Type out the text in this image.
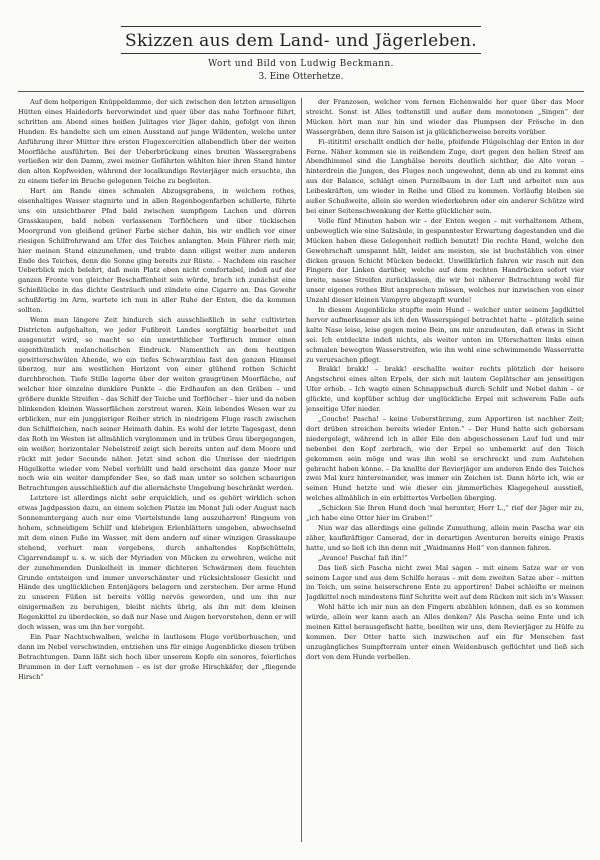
Skizzen aus dem Land- und Jägerleben.
Wort und Bild von Ludwig Beckmann.
3. Eine Otterhetze.

Auf dem holperigen Knüppeldamme, der sich zwischen den letzten armseligen Hütten eines Haidedorfs hervorwindet und quer über das nahe Torfmoor führt, schritten am Abend eines heißen Julitages vier Jäger dahin, gefolgt von ihren Hunden. Es handelte sich um einen Ausstand auf junge Wildenten, welche unter Anführung ihrer Mütter ihre ersten Flugexcercitien allabendlich über der weiten Moorfläche ausführten. Bei der Ueberbrückung eines breiten Wassergrabens verließen wir den Damm, zwei meiner Gefährten wählten hier ihren Stand hinter den alten Kopfweiden, während der localkundige Revierjäger mich ersuchte, ihn zu einem tiefer im Bruche gelegenen Teiche zu begleiten.

Hart am Rande eines schmalen Abzugsgrabens, in welchem rothes, eisenhaltiges Wasser stagnirte und in allen Regenbogenfarben schillerte, führte uns ein unsichtbarer Pfad bald zwischen sumpfigem Lachen und dürren Grasskaupen, bald neben verlassenen Torflöchern und über tückischen Moorgrund von gleißend grüner Farbe sicher dahin, bis wir endlich vor einer riesigen Schilfrohrwand am Ufer des Teiches anlangten. Mein Führer rieth mir, hier meinen Stand einzunehmen, und trabte dann eiligst weiter zum anderen Ende des Teiches, denn die Sonne ging bereits zur Rüste. – Nachdem ein rascher Ueberblick mich belehrt, daß mein Platz eben nicht comfortabel, indeß auf der ganzen Fronte von gleicher Beschaffenheit sein würde, brach ich zunächst eine Schießlücke in das dichte Gesträuch und zündete eine Cigarre an. Das Gewehr schußfertig im Arm, wartete ich nun in aller Ruhe der Enten, die da kommen sollten.

Wenn man längere Zeit hindurch sich ausschließlich in sehr cultivirten Districten aufgehalten, wo jeder Fußbreit Landes sorgfältig bearbeitet und ausgenutzt wird, so macht so ein unwirthlicher Torfbruch immer einen eigenthümlich melancholischen Eindruck. Namentlich an dem heutigen gewitterschwülen Abende, wo ein tiefes Schwarzblau fast den ganzen Himmel überzog, nur am westlichen Horizont von einer glühend rothen Schicht durchbrochen. Tiefe Stille lagerte über der weiten graugrünen Moorfläche, auf welcher hier einzelne dunklere Punkte – die Erdhaufen an den Gräben – und größere dunkle Streifen – das Schilf der Teiche und Torflöcher – hier und da neben blinkenden kleinen Wasserflächen zerstreut waren. Kein lebendes Wesen war zu erblicken, nur ein junggieriger Reiher strich in niedrigem Fluge rasch zwischen den Schilfteichen, nach seiner Heimath dahin. Es wohl der letzte Tagesgast, denn das Roth im Westen ist allmählich verglommen und in trübes Grau übergegangen, ein weißer, horizontaler Nebelstreif zeigt sich bereits unten auf dem Moore und rückt mit jeder Secunde näher. Jetzt sind schon die Umrisse der niedrigen Hügelkette wieder vom Nebel verhüllt und bald erscheint das ganze Moor nur noch wie ein weiter dampfender See, so daß man unter so solchen schaurigen Betrachtungen ausschließlich auf die allernächste Umgebung beschränkt werden.

Letztere ist allerdings nicht sehr erquicklich, und es gehört wirklich schon etwas Jagdpassion dazu, an einem solchen Platze im Monat Juli oder August nach Sonnenuntergang auch nur eine Viertelstunde lang auszuharren! Ringsum von hohem, schneidigem Schilf und klebrigen Erlenblättern umgeben, abwechselnd mit dem einen Fuße im Wasser, mit dem andern auf einer winzigen Grasskaupe stehend, verhurt man vergebens, durch anhaltendes Kopfschütteln, Cigarrendampf u. s. w. sich der Myriaden von Mücken zu erwehren, welche mit der zunehmenden Dunkelheit in immer dichteren Schwärmen dem feuchten Grunde entsteigen und immer unverschämter und rücksichtsloser Gesicht und Hände des unglücklichen Entenjägers belagern und zerstechen. Der arme Hund zu unseren Füßen ist bereits völlig nervös geworden, und um ihn nur einigermaßen zu beruhigen, bleibt nichts übrig, als ihn mit dem kleinen Regenkittel zu überdecken, so daß nur Nase und Augen hervorstehen, denn er will doch wissen, was um ihn her vorgeht.

Ein Paar Nachtschwalben, welche in lautlosem Fluge vorüberhuschen, und dann im Nebel verschwinden, entziehen uns für einige Augenblicke diesen trüben Betrachtungen. Dann läßt sich hoch über unserem Kopfe ein sonores, feierliches Brummen in der Luft vernehmen – es ist der große Hirschkäfer, der „fliegende Hirsch“

der Franzosen, welcher vom fernen Eichenwalde her quer über das Moor streicht. Sonst ist Alles todtenstill und außer dem monotonen „Singen“ der Mücken hört man nur hin und wieder das Plumpsen der Frösche in den Wassergräben, denn ihre Saison ist ja glücklicherweise bereits vorüber.

Fi–ititititi! erschallt endlich der helle, pfeifende Flügelschlag der Enten in der Ferne. Näher kommen sie in reißendem Zuge, dort gegen den hellen Streif am Abendhimmel sind die Langhälse bereits deutlich sichtbar, die Alte voran – hinterdrein die Jungen, des Fluges noch ungewohnt, denn ab und zu kommt eins aus der Balance, schlägt einen Purzelbaum in der Luft und arbeitet nun aus Leibeskräften, um wieder in Reihe und Glied zu kommen. Vorläufig bleiben sie außer Schußweite, allein sie werden wiederkehren oder ein anderer Schütze wird bei einer Seitenschwenkung der Kette glücklicher sein.

Volle fünf Minuten haben wir – der Enten wegen – mit verhaltenem Athem, unbeweglich wie eine Salzsäule, in gespanntester Erwartung dagestanden und die Mücken haben diese Gelegenheit redlich benutzt! Die rechte Hand, welche den Gewehrschaft umspannt hält, leidet am meisten, sie ist buchstäblich von einer dicken grauen Schicht Mücken bedeckt. Unwillkürlich fahren wir rasch mit den Fingern der Linken darüber, welche auf dem rechten Handrücken sofort vier breite, nasse Streifen zurücklassen, die wir bei näherer Betrachtung wohl für unser eigenes rothes Blut ansprechen müssen, welches nur inzwischen von einer Unzahl dieser kleinen Vampyre abgezapft wurde!

In diesem Augenblicke stupfte mein Hund – welcher unter seinem Jagdkittel hervor aufmerksamer als ich den Wasserspiegel betrachtet hatte – plötzlich seine kalte Nase leise, leise gegen meine Bein, um mir anzudeuten, daß etwas in Sicht sei. Ich entdeckte indeß nichts, als weiter unten im Uferschatten links einen schmalen bewegten Wasserstreifen, wie ihn wohl eine schwimmende Wasserratte zu verursachen pflegt.

Brakk! brakk! – brakk! erschallte weiter rechts plötzlich der heisere Angstschrei eines alten Erpels, der sich mit lautem Geplätscher am jenseitigen Ufer erhob. – Ich wagte einen Schnappschuß durch Schilf und Nebel dahin – er glückte, und kopfüber schlug der unglückliche Erpel mit schwerem Falle aufs jenseitige Ufer nieder.

„Couche! Pascha! – keine Ueberstürzung, zum Apportiren ist nachher Zeit; dort drüben streichen bereits wieder Enten.“ – Der Hund hatte sich gehorsam niedergelegt, während ich in aller Eile den abgeschossenen Lauf lud und mir nebenbei den Kopf zerbrach, wie der Erpel so unbemerkt auf den Teich gekommen sein möge und was ihn wohl so erschreckt und zum Aufstehen gebracht haben könne. – Da knallte der Revierjäger am anderen Ende des Teiches zwei Mal kurz hintereinander, was immer ein Zeichen ist. Dann hörte ich, wie er seinen Hund hetzte und wie dieser ein jämmerliches Klagegeheul ausstieß, welches allmählich in ein erbittertes Verbellen überging.

„Schicken Sie Ihren Hund doch 'mal herunter, Herr L.,“ rief der Jäger mir zu, „ich habe eine Otter hier im Graben!“

Nun war das allerdings eine gelinde Zumuthung, allein mein Pascha war ein zäher, kaufkräftiger Camerad, der in derartigen Aventuren bereits einige Praxis hatte, und so ließ ich ihn denn mit „Waidmanns Heil“ von dannen fahren.

„Avance! Pascha! faß ihn!“

Das ließ sich Pascha nicht zwei Mal sagen – mit einem Satze war er von seinem Lager und aus dem Schilfe heraus – mit dem zweiten Satze aber – mitten im Teich, um seine heiserschrene Ente zu apportiren! Dabei schleifte er meinen Jagdkittel noch mindestens fünf Schritte weit auf dem Rücken mit sich in's Wasser.

Wohl hätte ich mir nun an den Fingern abzählen können, daß es so kommen würde, allein wer kann auch an Alles denken? Als Pascha seine Ente und ich meinen Kittel herausgefischt hatte, beeilten wir uns, dem Revierjäger zu Hülfe zu kommen. Der Otter hatte sich inzwischen auf ein für Menschen fast unzugängliches Sumpfterrain unter einen Weidenbusch geflüchtet und ließ sich dort von dem Hunde verbellen.
